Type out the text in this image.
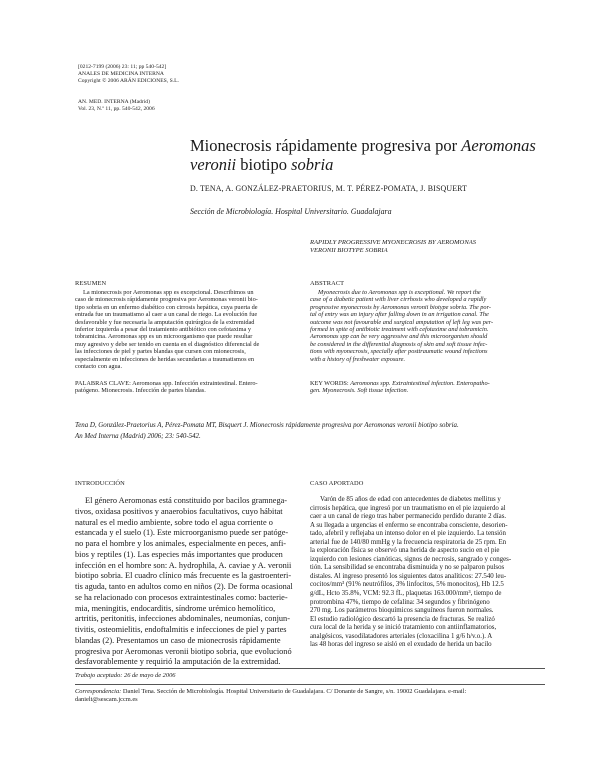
[0212-7199 (2006) 23: 11; pp 540-542]
ANALES DE MEDICINA INTERNA
Copyright © 2006 ARÁN EDICIONES, S.L.
AN. MED. INTERNA (Madrid)
Vol. 23, N.º 11, pp. 540-542, 2006
Mionecrosis rápidamente progresiva por Aeromonas
veronii biotipo sobria
D. TENA, A. GONZÁLEZ-PRAETORIUS, M. T. PÉREZ-POMATA, J. BISQUERT
Sección de Microbiología. Hospital Universitario. Guadalajara
RAPIDLY PROGRESSIVE MYONECROSIS BY AEROMONAS
VERONII BIOTYPE SOBRIA
RESUMEN
La mionecrosis por Aeromonas spp es excepcional. Describimos un
caso de mionecrosis rápidamente progresiva por Aeromonas veronii bio-
tipo sobria en un enfermo diabético con cirrosis hepática, cuya puerta de
entrada fue un traumatismo al caer a un canal de riego. La evolución fue
desfavorable y fue necesaria la amputación quirúrgica de la extremidad
inferior izquierda a pesar del tratamiento antibiótico con cefotaxima y
tobramicina. Aeromonas spp es un microorganismo que puede resultar
muy agresivo y debe ser tenido en cuenta en el diagnóstico diferencial de
las infecciones de piel y partes blandas que cursen con mionecrosis,
especialmente en infecciones de heridas secundarias a traumatismos en
contacto con agua.
PALABRAS CLAVE: Aeromonas spp. Infección extraintestinal. Entero-
patógeno. Mionecrosis. Infección de partes blandas.
ABSTRACT
Myonecrosis due to Aeromonas spp is exceptional. We report the
case of a diabetic patient with liver cirrhosis who developed a rapidly
progressive myonecrosis by Aeromonas veronii biotype sobria. The por-
tal of entry was an injury after falling down in an irrigation canal. The
outcome was not favourable and surgical amputation of left leg was per-
formed in spite of antibiotic treatment with cefotaxime and tobramicin.
Aeromonas spp can be very aggressive and this microorganism should
be considered in the differential diagnosis of skin and soft tissue infec-
tions with myonecrosis, specially after posttraumatic wound infections
with a history of freshwater exposure.
KEY WORDS: Aeromonas spp. Extraintestinal infection. Enteropatho-
gen. Myonecrosis. Soft tissue infection.
Tena D, González-Praetorius A, Pérez-Pomata MT, Bisquert J. Mionecrosis rápidamente progresiva por Aeromonas veronii biotipo sobria.
An Med Interna (Madrid) 2006; 23: 540-542.
INTRODUCCIÓN
El género Aeromonas está constituido por bacilos gramnega-
tivos, oxidasa positivos y anaerobios facultativos, cuyo hábitat
natural es el medio ambiente, sobre todo el agua corriente o
estancada y el suelo (1). Este microorganismo puede ser patóge-
no para el hombre y los animales, especialmente en peces, anfi-
bios y reptiles (1). Las especies más importantes que producen
infección en el hombre son: A. hydrophila, A. caviae y A. veronii
biotipo sobria. El cuadro clínico más frecuente es la gastroenteri-
tis aguda, tanto en adultos como en niños (2). De forma ocasional
se ha relacionado con procesos extraintestinales como: bacterie-
mia, meningitis, endocarditis, síndrome urémico hemolítico,
artritis, peritonitis, infecciones abdominales, neumonías, conjun-
tivitis, osteomielitis, endoftalmitis e infecciones de piel y partes
blandas (2). Presentamos un caso de mionecrosis rápidamente
progresiva por Aeromonas veronii biotipo sobria, que evolucionó
desfavorablemente y requirió la amputación de la extremidad.
CASO APORTADO
Varón de 85 años de edad con antecedentes de diabetes mellitus y
cirrosis hepática, que ingresó por un traumatismo en el pie izquierdo al
caer a un canal de riego tras haber permanecido perdido durante 2 días.
A su llegada a urgencias el enfermo se encontraba consciente, desorien-
tado, afebril y reflejaba un intenso dolor en el pie izquierdo. La tensión
arterial fue de 140/80 mmHg y la frecuencia respiratoria de 25 rpm. En
la exploración física se observó una herida de aspecto sucio en el pie
izquierdo con lesiones cianóticas, signos de necrosis, sangrado y conges-
tión. La sensibilidad se encontraba disminuida y no se palparon pulsos
distales. Al ingreso presentó los siguientes datos analíticos: 27.540 leu-
cocitos/mm³ (91% neutrófilos, 3% linfocitos, 5% monocitos), Hb 12.5
g/dL, Hcto 35.8%, VCM: 92.3 fL, plaquetas 163.000/mm³, tiempo de
protrombina 47%, tiempo de cefalina: 34 segundos y fibrinógeno
270 mg. Los parámetros bioquímicos sanguíneos fueron normales.
El estudio radiológico descartó la presencia de fracturas. Se realizó
cura local de la herida y se inició tratamiento con antiinflamatorios,
analgésicos, vasodilatadores arteriales (cloxacilina 1 g/6 h/v.o.). A
las 48 horas del ingreso se aisló en el exudado de herida un bacilo
Trabajo aceptado: 26 de mayo de 2006
Correspondencia: Daniel Tena. Sección de Microbiología. Hospital Universitario de Guadalajara. C/ Donante de Sangre, s/n. 19002 Guadalajara. e-mail:
danielt@sescam.jccm.es
